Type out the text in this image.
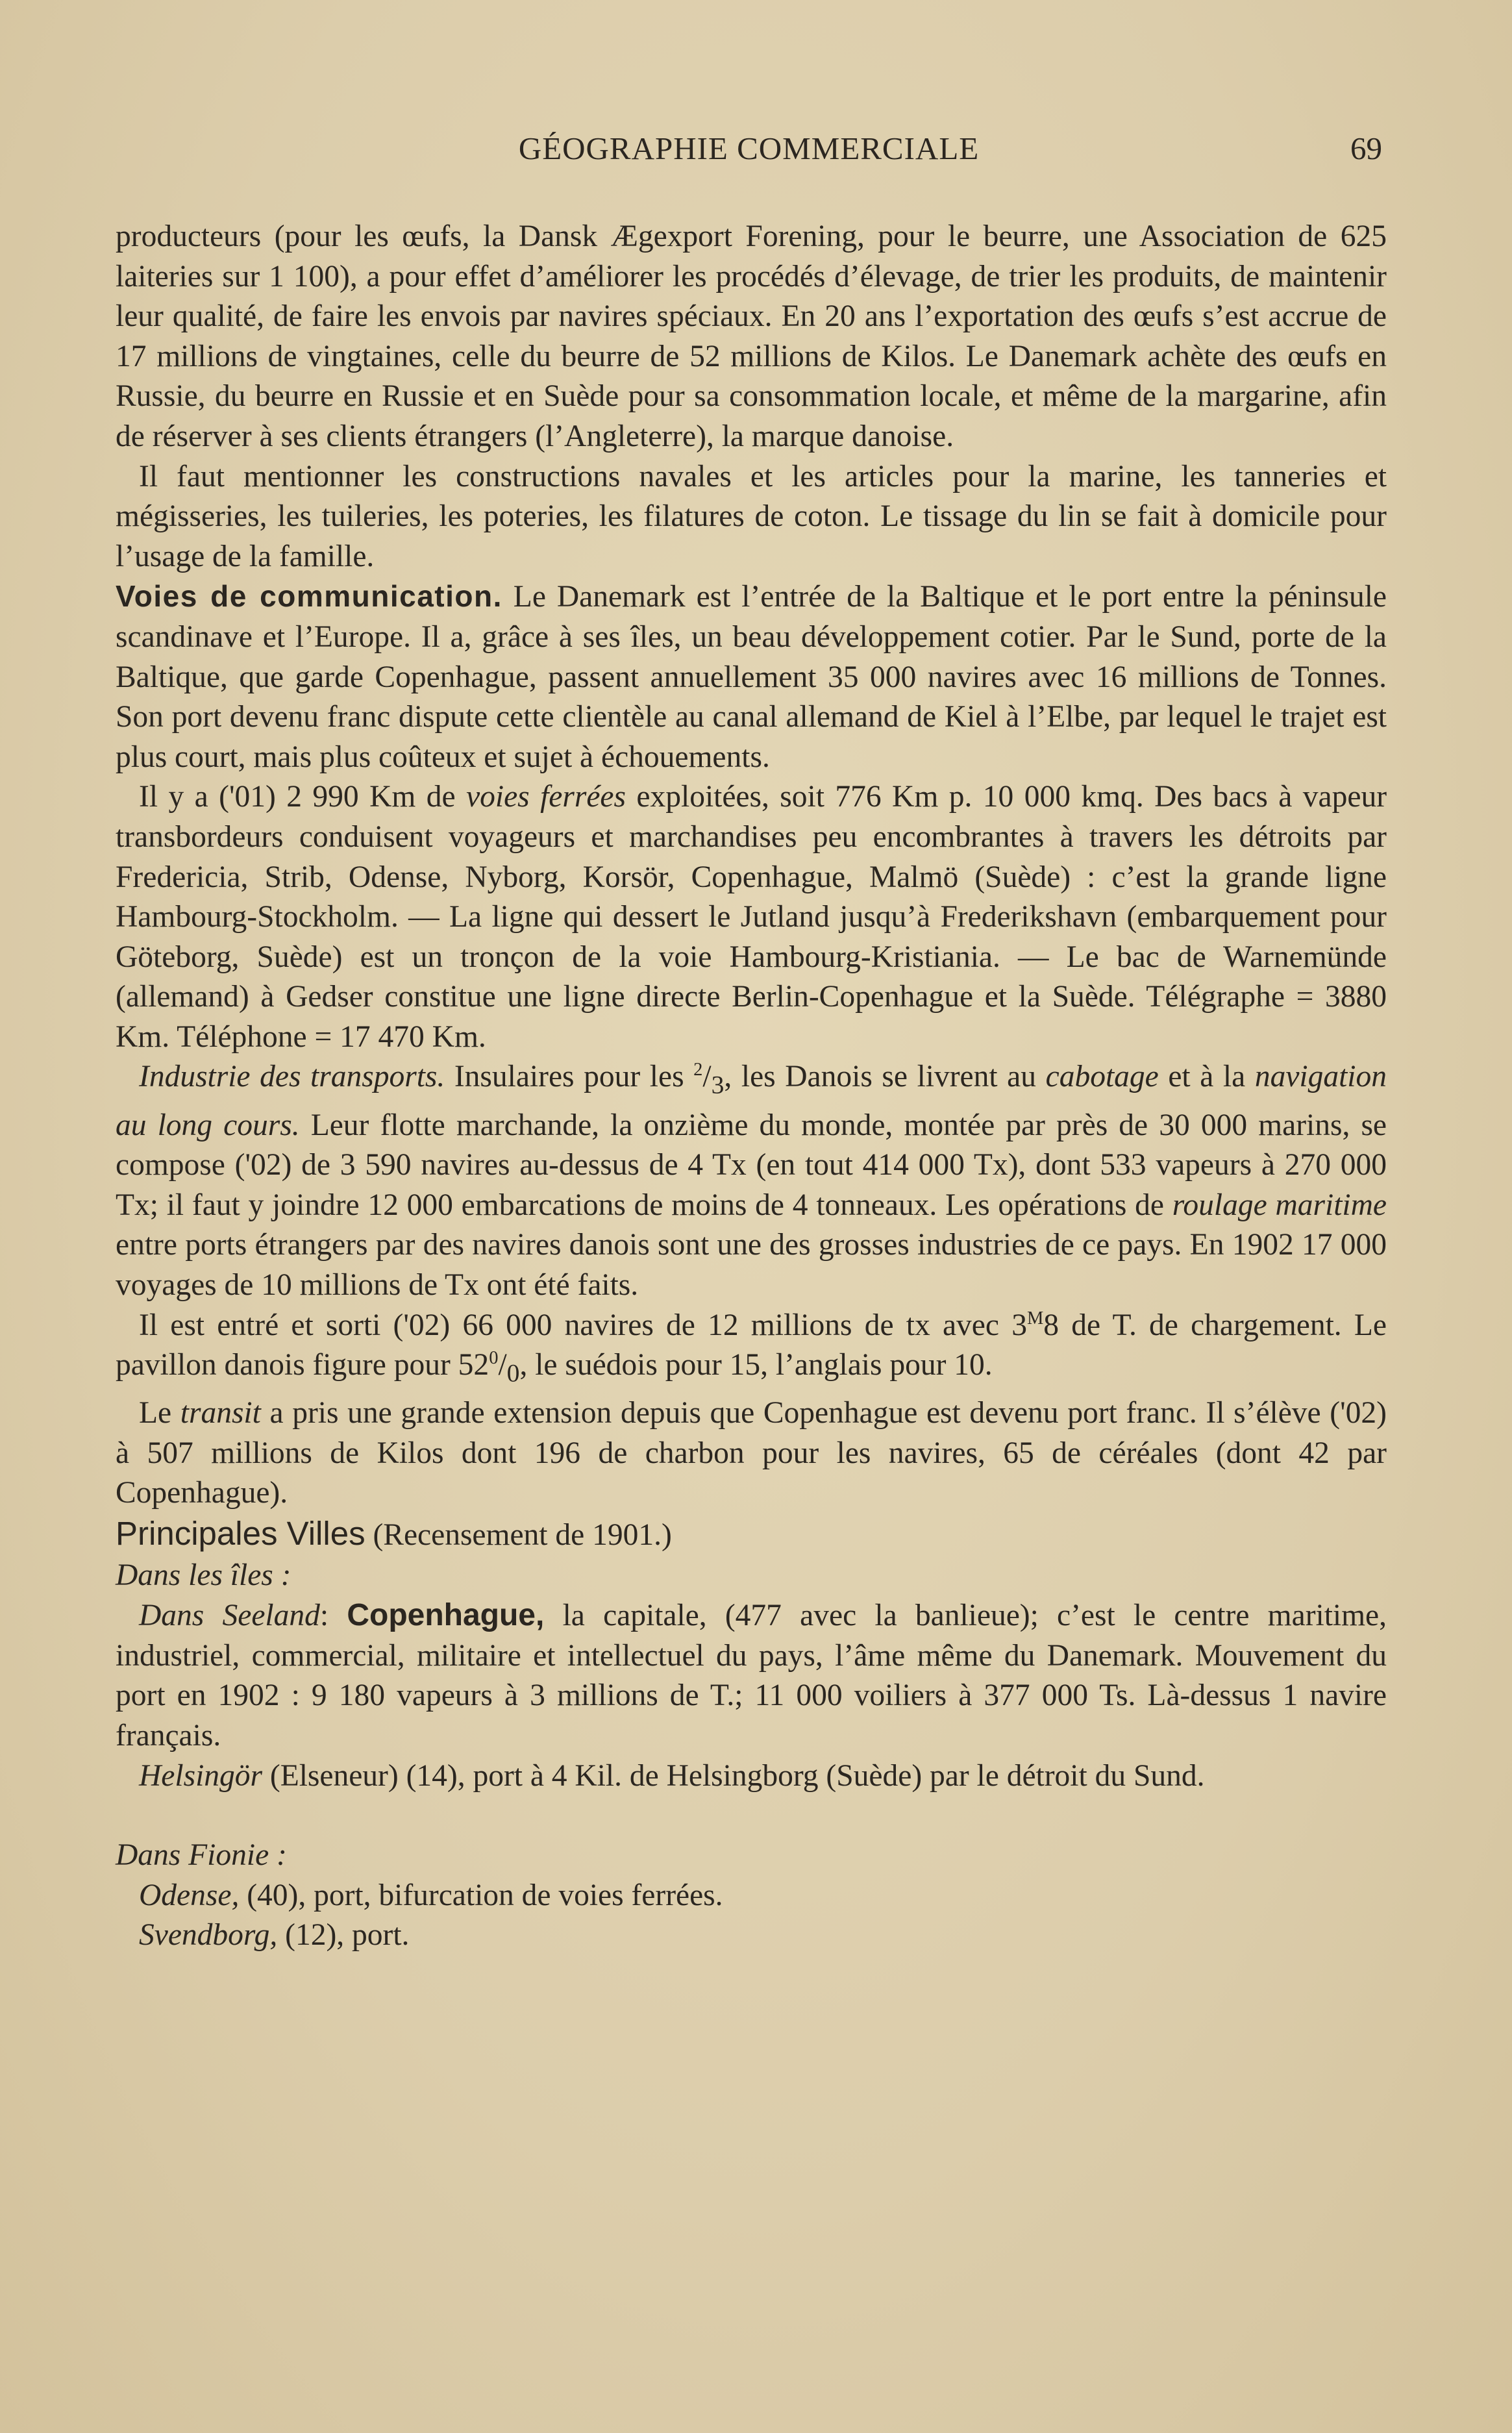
GÉOGRAPHIE COMMERCIALE	69

producteurs (pour les œufs, la Dansk Ægexport Forening, pour le beurre, une Association de 625 laiteries sur 1 100), a pour effet d’améliorer les procédés d’élevage, de trier les produits, de maintenir leur qualité, de faire les envois par navires spéciaux. En 20 ans l’exportation des œufs s’est accrue de 17 millions de vingtaines, celle du beurre de 52 millions de Kilos. Le Danemark achète des œufs en Russie, du beurre en Russie et en Suède pour sa consommation locale, et même de la margarine, afin de réserver à ses clients étrangers (l’Angleterre), la marque danoise.

Il faut mentionner les constructions navales et les articles pour la marine, les tanneries et mégisseries, les tuileries, les poteries, les filatures de coton. Le tissage du lin se fait à domicile pour l’usage de la famille.

Voies de communication. Le Danemark est l’entrée de la Baltique et le port entre la péninsule scandinave et l’Europe. Il a, grâce à ses îles, un beau développement cotier. Par le Sund, porte de la Baltique, que garde Copenhague, passent annuellement 35 000 navires avec 16 millions de Tonnes. Son port devenu franc dispute cette clientèle au canal allemand de Kiel à l’Elbe, par lequel le trajet est plus court, mais plus coûteux et sujet à échouements.

Il y a ('01) 2 990 Km de voies ferrées exploitées, soit 776 Km p. 10 000 kmq. Des bacs à vapeur transbordeurs conduisent voyageurs et marchandises peu encombrantes à travers les détroits par Fredericia, Strib, Odense, Nyborg, Korsör, Copenhague, Malmö (Suède) : c’est la grande ligne Hambourg-Stockholm. — La ligne qui dessert le Jutland jusqu’à Frederikshavn (embarquement pour Göteborg, Suède) est un tronçon de la voie Hambourg-Kristiania. — Le bac de Warnemünde (allemand) à Gedser constitue une ligne directe Berlin-Copenhague et la Suède. Télégraphe = 3880 Km. Téléphone = 17 470 Km.

Industrie des transports. Insulaires pour les $^2/_3$, les Danois se livrent au cabotage et à la navigation au long cours. Leur flotte marchande, la onzième du monde, montée par près de 30 000 marins, se compose ('02) de 3 590 navires au-dessus de 4 Tx (en tout 414 000 Tx), dont 533 vapeurs à 270 000 Tx; il faut y joindre 12 000 embarcations de moins de 4 tonneaux. Les opérations de roulage maritime entre ports étrangers par des navires danois sont une des grosses industries de ce pays. En 1902 17 000 voyages de 10 millions de Tx ont été faits.

Il est entré et sorti ('02) 66 000 navires de 12 millions de tx avec $3^M8$ de T. de chargement. Le pavillon danois figure pour $52^0/_0$, le suédois pour 15, l’anglais pour 10.

Le transit a pris une grande extension depuis que Copenhague est devenu port franc. Il s’élève ('02) à 507 millions de Kilos dont 196 de charbon pour les navires, 65 de céréales (dont 42 par Copenhague).

Principales Villes (Recensement de 1901.)

Dans les îles :

Dans Seeland: Copenhague, la capitale, (477 avec la banlieue); c’est le centre maritime, industriel, commercial, militaire et intellectuel du pays, l’âme même du Danemark. Mouvement du port en 1902 : 9 180 vapeurs à 3 millions de T.; 11 000 voiliers à 377 000 Ts. Là-dessus 1 navire français.

Helsingör (Elseneur) (14), port à 4 Kil. de Helsingborg (Suède) par le détroit du Sund.

Dans Fionie :

Odense, (40), port, bifurcation de voies ferrées.

Svendborg, (12), port.
